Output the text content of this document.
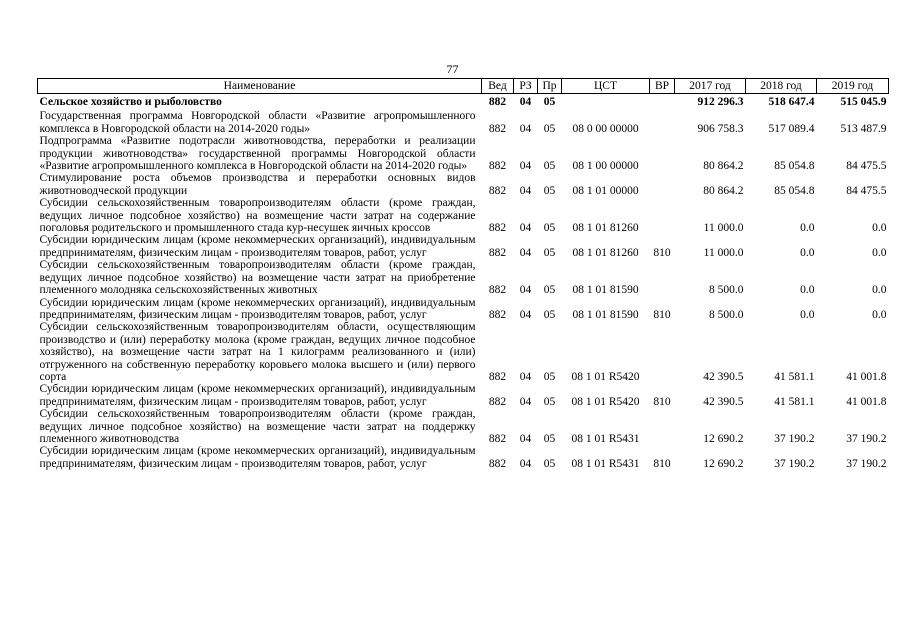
77
Наименование	Вед	РЗ	Пр	ЦСТ	ВР	2017 год	2018 год	2019 год
Сельское хозяйство и рыболовство	882	04	05			912 296.3	518 647.4	515 045.9
Государственная программа Новгородской области «Развитие агропромышленного комплекса в Новгородской области на 2014-2020 годы»	882	04	05	08 0 00 00000		906 758.3	517 089.4	513 487.9
Подпрограмма «Развитие подотрасли животноводства, переработки и реализации продукции животноводства» государственной программы Новгородской области «Развитие агропромышленного комплекса в Новгородской области на 2014-2020 годы»	882	04	05	08 1 00 00000		80 864.2	85 054.8	84 475.5
Стимулирование роста объемов производства и переработки основных видов животноводческой продукции	882	04	05	08 1 01 00000		80 864.2	85 054.8	84 475.5
Субсидии сельскохозяйственным товаропроизводителям области (кроме граждан, ведущих личное подсобное хозяйство) на возмещение части затрат на содержание поголовья родительского и промышленного стада кур-несушек яичных кроссов	882	04	05	08 1 01 81260		11 000.0	0.0	0.0
Субсидии юридическим лицам (кроме некоммерческих организаций), индивидуальным предпринимателям, физическим лицам - производителям товаров, работ, услуг	882	04	05	08 1 01 81260	810	11 000.0	0.0	0.0
Субсидии сельскохозяйственным товаропроизводителям области (кроме граждан, ведущих личное подсобное хозяйство) на возмещение части затрат на приобретение племенного молодняка сельскохозяйственных животных	882	04	05	08 1 01 81590		8 500.0	0.0	0.0
Субсидии юридическим лицам (кроме некоммерческих организаций), индивидуальным предпринимателям, физическим лицам - производителям товаров, работ, услуг	882	04	05	08 1 01 81590	810	8 500.0	0.0	0.0
Субсидии сельскохозяйственным товаропроизводителям области, осуществляющим производство и (или) переработку молока (кроме граждан, ведущих личное подсобное хозяйство), на возмещение части затрат на 1 килограмм реализованного и (или) отгруженного на собственную переработку коровьего молока высшего и (или) первого сорта	882	04	05	08 1 01 R5420		42 390.5	41 581.1	41 001.8
Субсидии юридическим лицам (кроме некоммерческих организаций), индивидуальным предпринимателям, физическим лицам - производителям товаров, работ, услуг	882	04	05	08 1 01 R5420	810	42 390.5	41 581.1	41 001.8
Субсидии сельскохозяйственным товаропроизводителям области (кроме граждан, ведущих личное подсобное хозяйство) на возмещение части затрат на поддержку племенного животноводства	882	04	05	08 1 01 R5431		12 690.2	37 190.2	37 190.2
Субсидии юридическим лицам (кроме некоммерческих организаций), индивидуальным предпринимателям, физическим лицам - производителям товаров, работ, услуг	882	04	05	08 1 01 R5431	810	12 690.2	37 190.2	37 190.2
